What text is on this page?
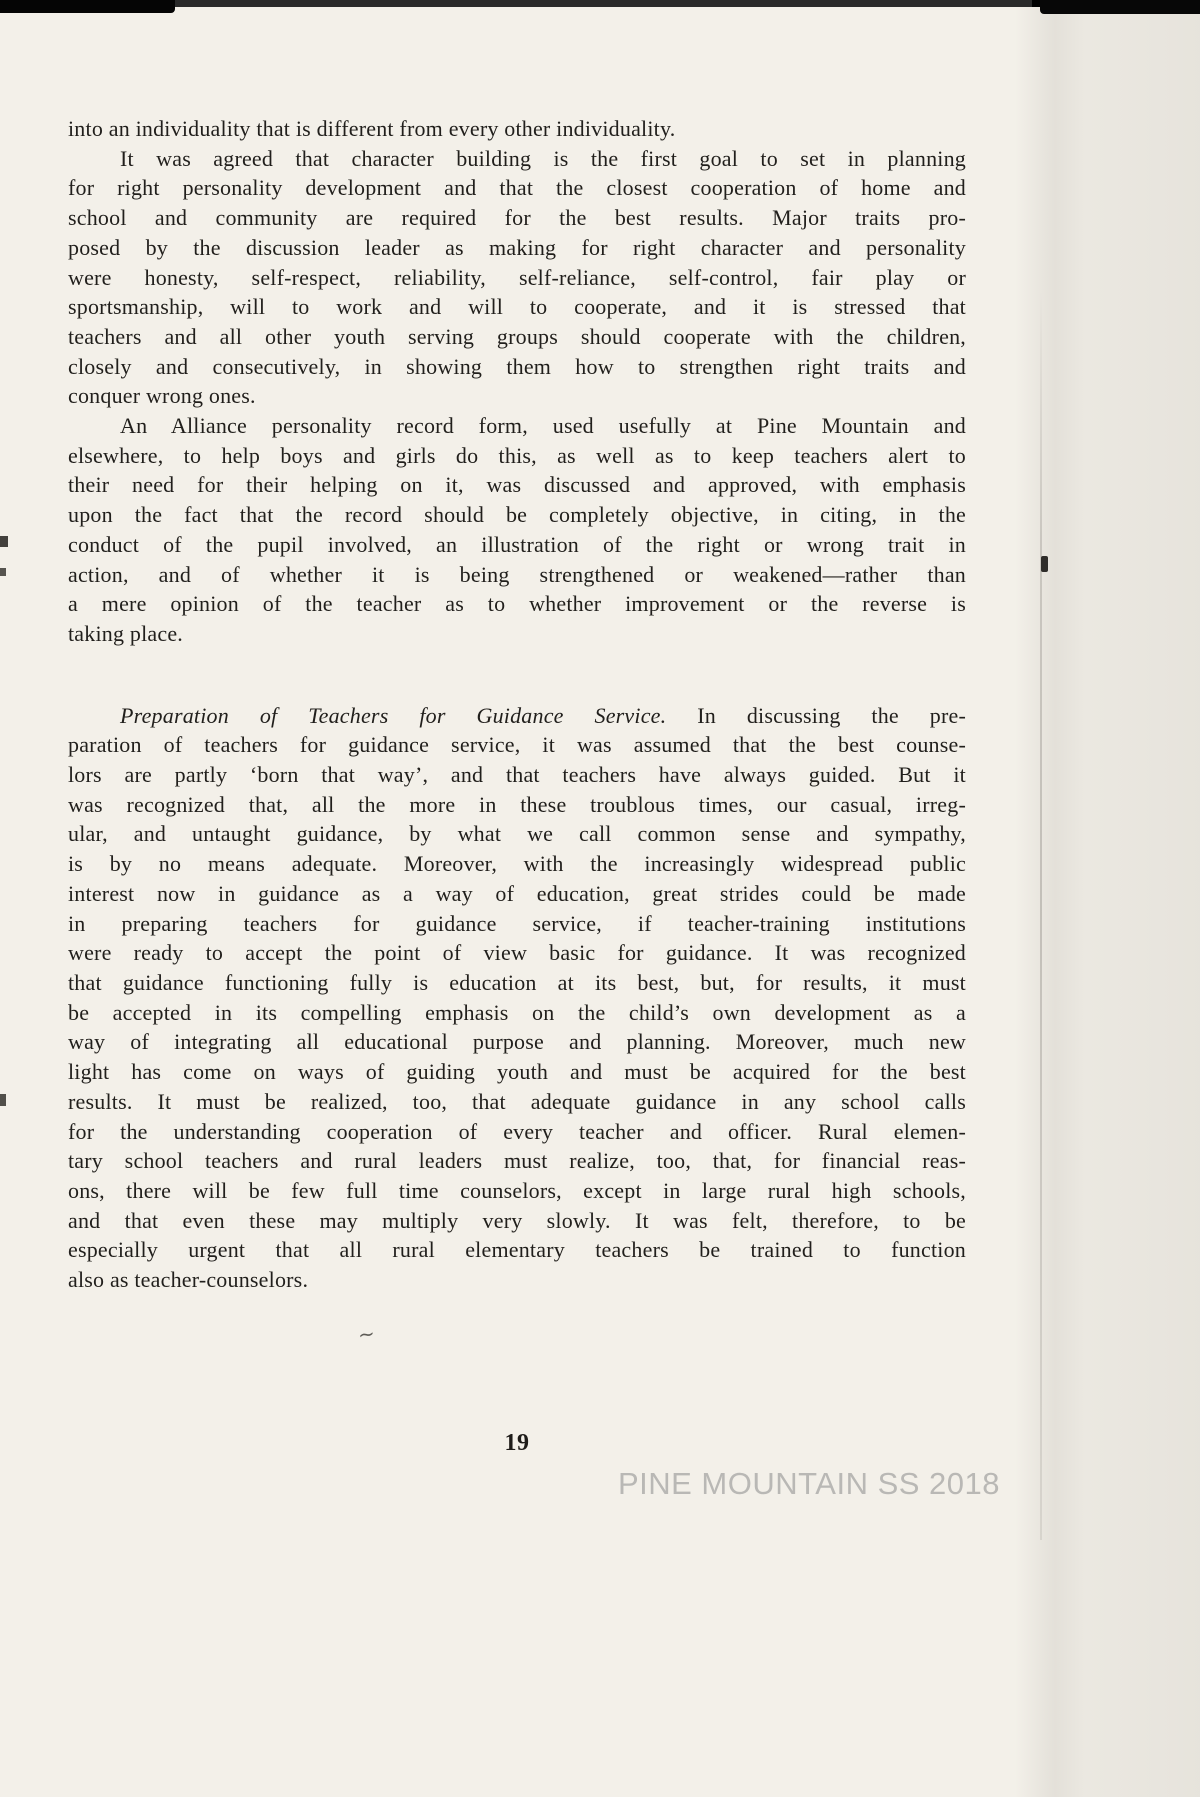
~
into an individuality that is different from every other individuality.
It was agreed that character building is the first goal to set in planning
for right personality development and that the closest cooperation of home and
school and community are required for the best results. Major traits pro-
posed by the discussion leader as making for right character and personality
were honesty, self-respect, reliability, self-reliance, self-control, fair play or
sportsmanship, will to work and will to cooperate, and it is stressed that
teachers and all other youth serving groups should cooperate with the children,
closely and consecutively, in showing them how to strengthen right traits and
conquer wrong ones.
An Alliance personality record form, used usefully at Pine Mountain and
elsewhere, to help boys and girls do this, as well as to keep teachers alert to
their need for their helping on it, was discussed and approved, with emphasis
upon the fact that the record should be completely objective, in citing, in the
conduct of the pupil involved, an illustration of the right or wrong trait in
action, and of whether it is being strengthened or weakened—rather than
a mere opinion of the teacher as to whether improvement or the reverse is
taking place.
Preparation of Teachers for Guidance Service. In discussing the pre-
paration of teachers for guidance service, it was assumed that the best counse-
lors are partly ‘born that way’, and that teachers have always guided. But it
was recognized that, all the more in these troublous times, our casual, irreg-
ular, and untaught guidance, by what we call common sense and sympathy,
is by no means adequate. Moreover, with the increasingly widespread public
interest now in guidance as a way of education, great strides could be made
in preparing teachers for guidance service, if teacher-training institutions
were ready to accept the point of view basic for guidance. It was recognized
that guidance functioning fully is education at its best, but, for results, it must
be accepted in its compelling emphasis on the child’s own development as a
way of integrating all educational purpose and planning. Moreover, much new
light has come on ways of guiding youth and must be acquired for the best
results. It must be realized, too, that adequate guidance in any school calls
for the understanding cooperation of every teacher and officer. Rural elemen-
tary school teachers and rural leaders must realize, too, that, for financial reas-
ons, there will be few full time counselors, except in large rural high schools,
and that even these may multiply very slowly. It was felt, therefore, to be
especially urgent that all rural elementary teachers be trained to function
also as teacher-counselors.
19
PINE MOUNTAIN SS 2018
